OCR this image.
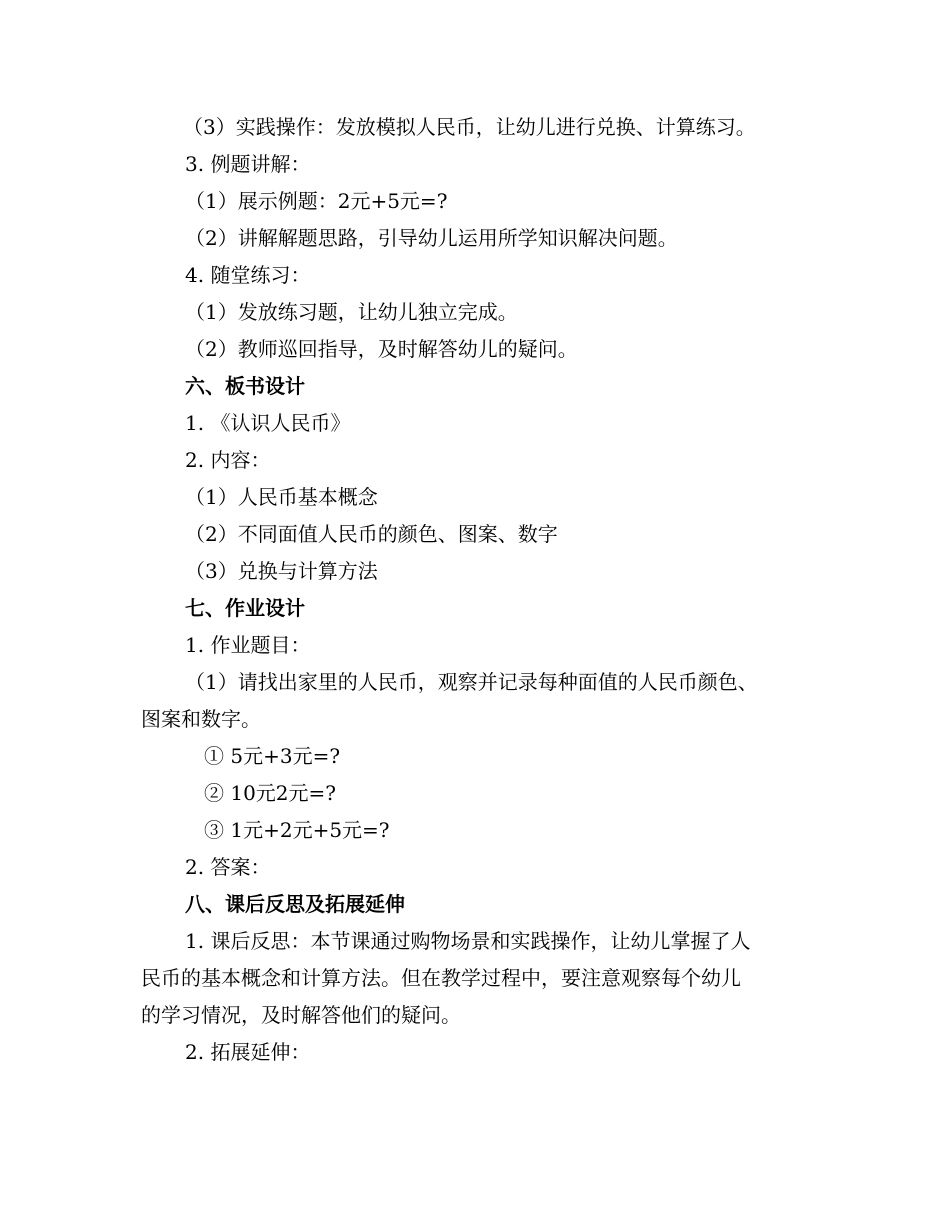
（3）实践操作：发放模拟人民币，让幼儿进行兑换、计算练习。
3. 例题讲解：
（1）展示例题：2元+5元=?
（2）讲解解题思路，引导幼儿运用所学知识解决问题。
4. 随堂练习：
（1）发放练习题，让幼儿独立完成。
（2）教师巡回指导，及时解答幼儿的疑问。
六、板书设计
1. 《认识人民币》
2. 内容：
（1）人民币基本概念
（2）不同面值人民币的颜色、图案、数字
（3）兑换与计算方法
七、作业设计
1. 作业题目：
（1）请找出家里的人民币，观察并记录每种面值的人民币颜色、
图案和数字。
① 5元+3元=?
② 10元2元=?
③ 1元+2元+5元=?
2. 答案：
八、课后反思及拓展延伸
1. 课后反思：本节课通过购物场景和实践操作，让幼儿掌握了人
民币的基本概念和计算方法。但在教学过程中，要注意观察每个幼儿
的学习情况，及时解答他们的疑问。
2. 拓展延伸：
